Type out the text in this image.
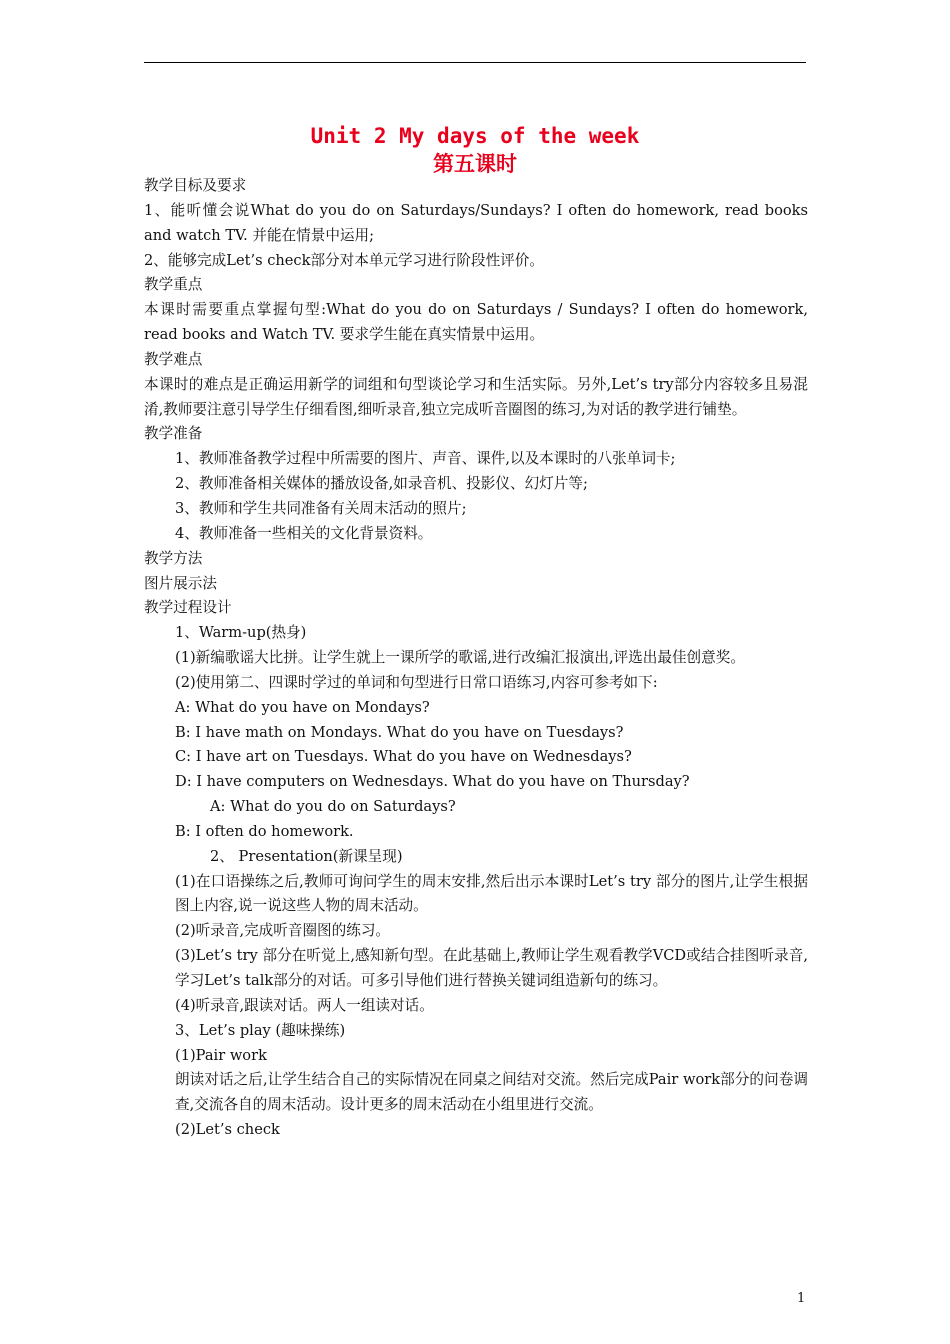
Unit 2 My days of the week
第五课时

教学目标及要求

1、能听懂会说What do you do on Saturdays/Sundays? I often do homework, read books and watch TV. 并能在情景中运用;

2、能够完成Let’s check部分对本单元学习进行阶段性评价。

教学重点

本课时需要重点掌握句型:What do you do on Saturdays / Sundays? I often do homework, read books and Watch TV. 要求学生能在真实情景中运用。

教学难点

本课时的难点是正确运用新学的词组和句型谈论学习和生活实际。另外,Let’s try部分内容较多且易混淆,教师要注意引导学生仔细看图,细听录音,独立完成听音圈图的练习,为对话的教学进行铺垫。

教学准备

1、教师准备教学过程中所需要的图片、声音、课件,以及本课时的八张单词卡;

2、教师准备相关媒体的播放设备,如录音机、投影仪、幻灯片等;

3、教师和学生共同准备有关周末活动的照片;

4、教师准备一些相关的文化背景资料。

教学方法

图片展示法

教学过程设计

1、Warm-up(热身)

(1)新编歌谣大比拼。让学生就上一课所学的歌谣,进行改编汇报演出,评选出最佳创意奖。

(2)使用第二、四课时学过的单词和句型进行日常口语练习,内容可参考如下:

A: What do you have on Mondays?

B: I have math on Mondays. What do you have on Tuesdays?

C: I have art on Tuesdays. What do you have on Wednesdays?

D: I have computers on Wednesdays. What do you have on Thursday?

A: What do you do on Saturdays?

B: I often do homework.

2、 Presentation(新课呈现)

(1)在口语操练之后,教师可询问学生的周末安排,然后出示本课时Let’s try 部分的图片,让学生根据图上内容,说一说这些人物的周末活动。

(2)听录音,完成听音圈图的练习。

(3)Let’s try 部分在听觉上,感知新句型。在此基础上,教师让学生观看教学VCD或结合挂图听录音,学习Let’s talk部分的对话。可多引导他们进行替换关键词组造新句的练习。

(4)听录音,跟读对话。两人一组读对话。

3、Let’s play (趣味操练)

(1)Pair work

朗读对话之后,让学生结合自己的实际情况在同桌之间结对交流。然后完成Pair work部分的问卷调查,交流各自的周末活动。设计更多的周末活动在小组里进行交流。

(2)Let’s check

1
